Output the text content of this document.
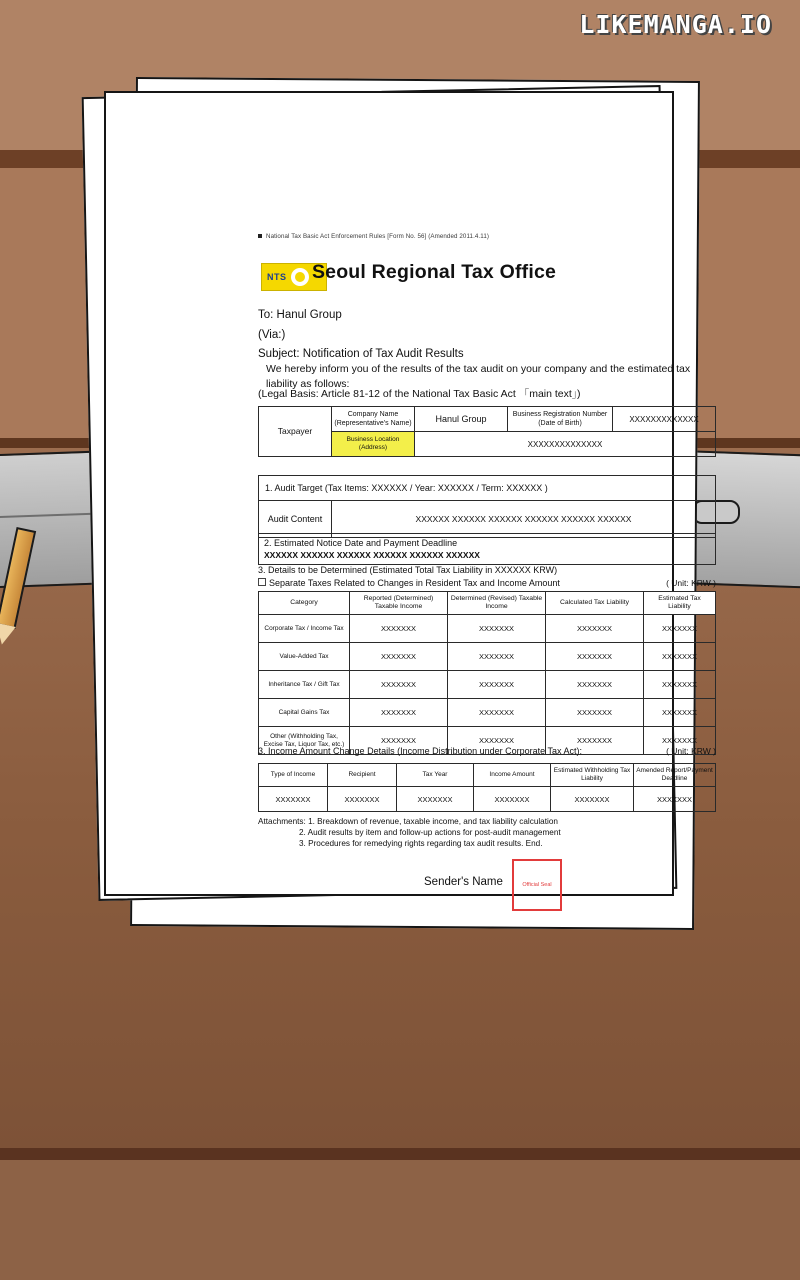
LIKEMANGA.IO
National Tax Basic Act Enforcement Rules [Form No. 56] (Amended 2011.4.11)
NTS	Seoul Regional Tax Office
To: Hanul Group
(Via:)
Subject: Notification of Tax Audit Results
We hereby inform you of the results of the tax audit on your company and the estimated tax liability as follows:
(Legal Basis: Article 81-12 of the National Tax Basic Act 「main text」)
Taxpayer	Company Name (Representative's Name)	Hanul Group	Business Registration Number (Date of Birth)	XXXXXXXXXXXXX
	Business Location (Address)	XXXXXXXXXXXXXX		
1. Audit Target (Tax Items: XXXXXX / Year: XXXXXX / Term: XXXXXX )
Audit Content	XXXXXX XXXXXX XXXXXX XXXXXX XXXXXX XXXXXX
2. Estimated Notice Date and Payment Deadline
XXXXXX XXXXXX XXXXXX XXXXXX XXXXXX XXXXXX
3. Details to be Determined (Estimated Total Tax Liability in XXXXXX KRW)
( Unit: KRW )
Separate Taxes Related to Changes in Resident Tax and Income Amount
Category	Reported (Determined) Taxable Income	Determined (Revised) Taxable Income	Calculated Tax Liability	Estimated Tax Liability
Corporate Tax / Income Tax	XXXXXXX	XXXXXXX	XXXXXXX	XXXXXXX
Value-Added Tax	XXXXXXX	XXXXXXX	XXXXXXX	XXXXXXX
Inheritance Tax / Gift Tax	XXXXXXX	XXXXXXX	XXXXXXX	XXXXXXX
Capital Gains Tax	XXXXXXX	XXXXXXX	XXXXXXX	XXXXXXX
Other (Withholding Tax, Excise Tax, Liquor Tax, etc.)	XXXXXXX	XXXXXXX	XXXXXXX	XXXXXXX
( Unit: KRW )
3. Income Amount Change Details (Income Distribution under Corporate Tax Act):
Type of Income	Recipient	Tax Year	Income Amount	Estimated Withholding Tax Liability	Amended Report/Payment Deadline
XXXXXXX	XXXXXXX	XXXXXXX	XXXXXXX	XXXXXXX	XXXXXXX
Attachments: 1. Breakdown of revenue, taxable income, and tax liability calculation
2. Audit results by item and follow-up actions for post-audit management
3. Procedures for remedying rights regarding tax audit results. End.
Sender's Name	Official Seal
